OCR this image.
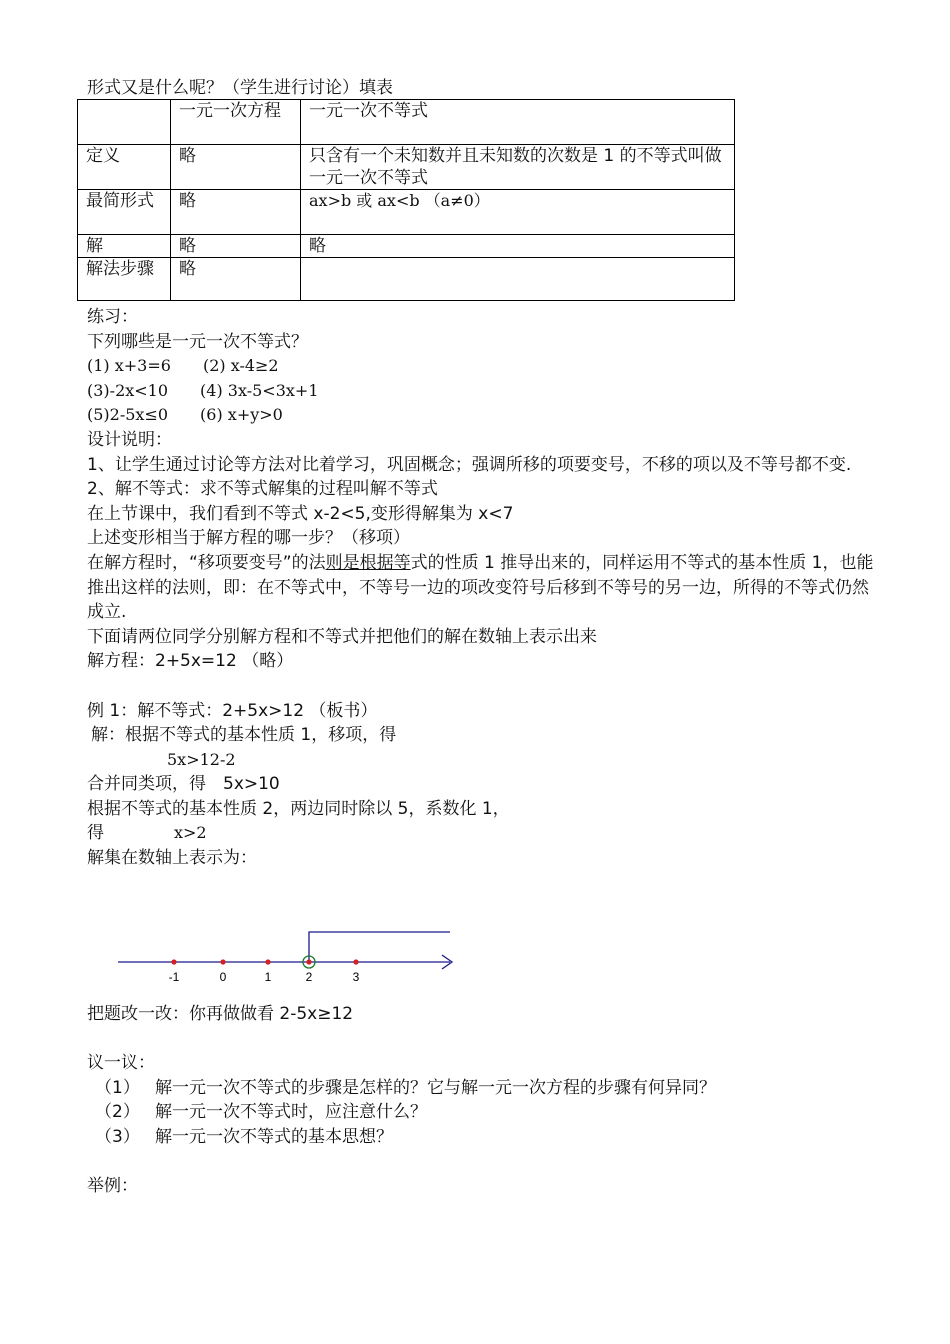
形式又是什么呢？（学生进行讨论）填表
	一元一次方程	一元一次不等式
定义	略	只含有一个未知数并且未知数的次数是 1 的不等式叫做一元一次不等式
最简形式	略	ax>b 或 ax<b （a≠0）
解	略	略
解法步骤	略	
练习：
下列哪些是一元一次不等式？
(1) x+3=6　　(2) x-4≥2
(3)-2x<10　　(4) 3x-5<3x+1
(5)2-5x≤0　　(6) x+y>0
设计说明：
1、让学生通过讨论等方法对比着学习，巩固概念；强调所移的项要变号，不移的项以及不等号都不变.
2、解不等式：求不等式解集的过程叫解不等式
在上节课中，我们看到不等式 x-2<5,变形得解集为 x<7
上述变形相当于解方程的哪一步？（移项）
在解方程时，“移项要变号”的法则是根据等式的性质 1 推导出来的，同样运用不等式的基本性质 1，也能推出这样的法则，即：在不等式中，不等号一边的项改变符号后移到不等号的另一边，所得的不等式仍然成立.
下面请两位同学分别解方程和不等式并把他们的解在数轴上表示出来
解方程：2+5x=12 （略）
例 1：解不等式：2+5x>12 （板书）
解：根据不等式的基本性质 1，移项，得
5x>12-2
合并同类项，得　5x>10
根据不等式的基本性质 2，两边同时除以 5，系数化 1，
得	x>2
解集在数轴上表示为：
-1	0	1	2	3
把题改一改：你再做做看 2-5x≥12
议一议：
（1） 解一元一次不等式的步骤是怎样的？它与解一元一次方程的步骤有何异同？
（2） 解一元一次不等式时，应注意什么？
（3） 解一元一次不等式的基本思想？
举例：
